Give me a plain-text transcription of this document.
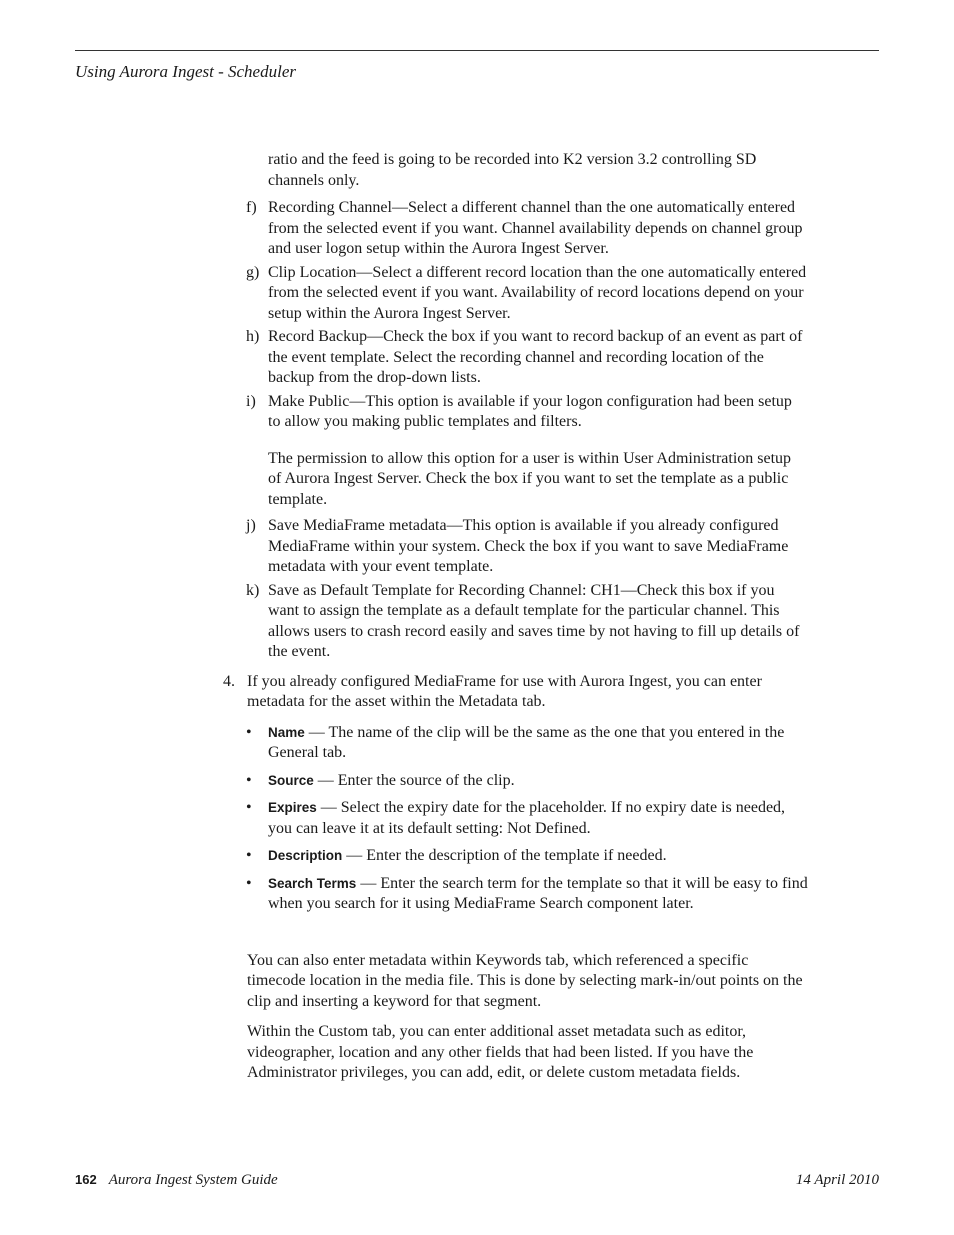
Using Aurora Ingest - Scheduler
ratio and the feed is going to be recorded into K2 version 3.2 controlling SD channels only.
f) Recording Channel—Select a different channel than the one automatically entered from the selected event if you want. Channel availability depends on channel group and user logon setup within the Aurora Ingest Server.
g) Clip Location—Select a different record location than the one automatically entered from the selected event if you want. Availability of record locations depend on your setup within the Aurora Ingest Server.
h) Record Backup—Check the box if you want to record backup of an event as part of the event template. Select the recording channel and recording location of the backup from the drop-down lists.
i) Make Public—This option is available if your logon configuration had been setup to allow you making public templates and filters.
The permission to allow this option for a user is within User Administration setup of Aurora Ingest Server. Check the box if you want to set the template as a public template.
j) Save MediaFrame metadata—This option is available if you already configured MediaFrame within your system. Check the box if you want to save MediaFrame metadata with your event template.
k) Save as Default Template for Recording Channel: CH1—Check this box if you want to assign the template as a default template for the particular channel. This allows users to crash record easily and saves time by not having to fill up details of the event.
4. If you already configured MediaFrame for use with Aurora Ingest, you can enter metadata for the asset within the Metadata tab.
• Name — The name of the clip will be the same as the one that you entered in the General tab.
• Source — Enter the source of the clip.
• Expires — Select the expiry date for the placeholder. If no expiry date is needed, you can leave it at its default setting: Not Defined.
• Description — Enter the description of the template if needed.
• Search Terms — Enter the search term for the template so that it will be easy to find when you search for it using MediaFrame Search component later.
You can also enter metadata within Keywords tab, which referenced a specific timecode location in the media file. This is done by selecting mark-in/out points on the clip and inserting a keyword for that segment.
Within the Custom tab, you can enter additional asset metadata such as editor, videographer, location and any other fields that had been listed. If you have the Administrator privileges, you can add, edit, or delete custom metadata fields.
162 Aurora Ingest System Guide	14 April 2010
